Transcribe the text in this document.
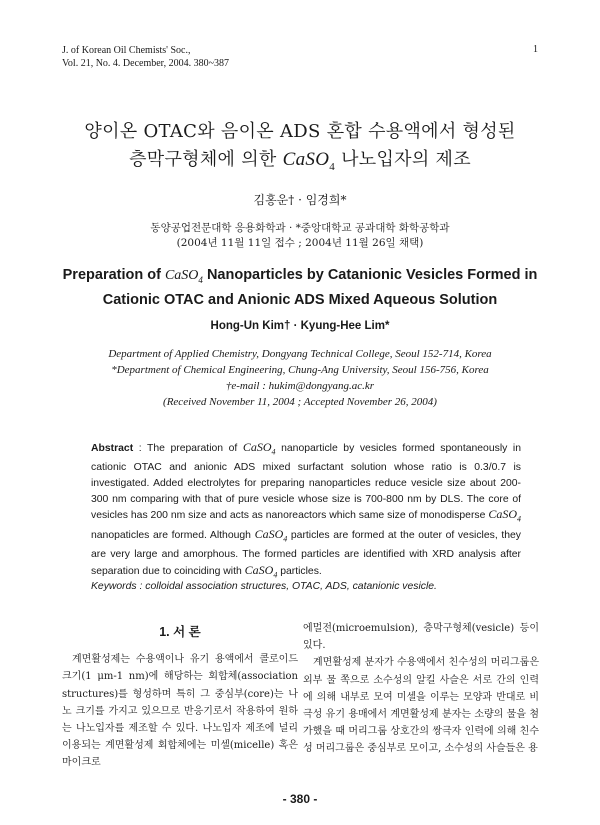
J. of Korean Oil Chemists' Soc.,
Vol. 21, No. 4. December, 2004. 380~387
1
양이온 OTAC와 음이온 ADS 혼합 수용액에서 형성된
층막구형체에 의한 CaSO$_4$ 나노입자의 제조
김홍운† · 임경희*
동양공업전문대학 응용화학과 · *중앙대학교 공과대학 화학공학과
(2004년 11월 11일 접수 ; 2004년 11월 26일 채택)
Preparation of CaSO$_4$ Nanoparticles by Catanionic Vesicles Formed in
Cationic OTAC and Anionic ADS Mixed Aqueous Solution
Hong-Un Kim† · Kyung-Hee Lim*
Department of Applied Chemistry, Dongyang Technical College, Seoul 152-714, Korea
*Department of Chemical Engineering, Chung-Ang University, Seoul 156-756, Korea
†e-mail : hukim@dongyang.ac.kr
(Received November 11, 2004 ; Accepted November 26, 2004)
Abstract : The preparation of CaSO$_4$ nanoparticle by vesicles formed spontaneously in cationic OTAC and anionic ADS mixed surfactant solution whose ratio is 0.3/0.7 is investigated. Added electrolytes for preparing nanoparticles reduce vesicle size about 200-300 nm comparing with that of pure vesicle whose size is 700-800 nm by DLS. The core of vesicles has 200 nm size and acts as nanoreactors which same size of monodisperse CaSO$_4$ nanopaticles are formed. Although CaSO$_4$ particles are formed at the outer of vesicles, they are very large and amorphous. The formed particles are identified with XRD analysis after separation due to coinciding with CaSO$_4$ particles.
Keywords : colloidal association structures, OTAC, ADS, catanionic vesicle.
1. 서 론

계면활성제는 수용액이나 유기 용액에서 콜로이드 크기(1 μm-1 nm)에 해당하는 회합체(association structures)를 형성하며 특히 그 중심부(core)는 나노 크기를 가지고 있으므로 반응기로서 작용하여 원하는 나노입자를 제조할 수 있다. 나노입자 제조에 널리 이용되는 계면활성제 회합체에는 미셀(micelle) 혹은 마이크로

에멀전(microemulsion), 층막구형체(vesicle) 등이 있다.

계면활성제 분자가 수용액에서 친수성의 머리그룹은 외부 물 쪽으로 소수성의 알킬 사슬은 서로 간의 인력에 의해 내부로 모여 미셀을 이루는 모양과 반대로 비극성 유기 용매에서 계면활성제 분자는 소량의 물을 첨가했을 때 머리그룹 상호간의 쌍극자 인력에 의해 친수성 머리그룹은 중심부로 모이고, 소수성의 사슬들은 용

- 380 -
